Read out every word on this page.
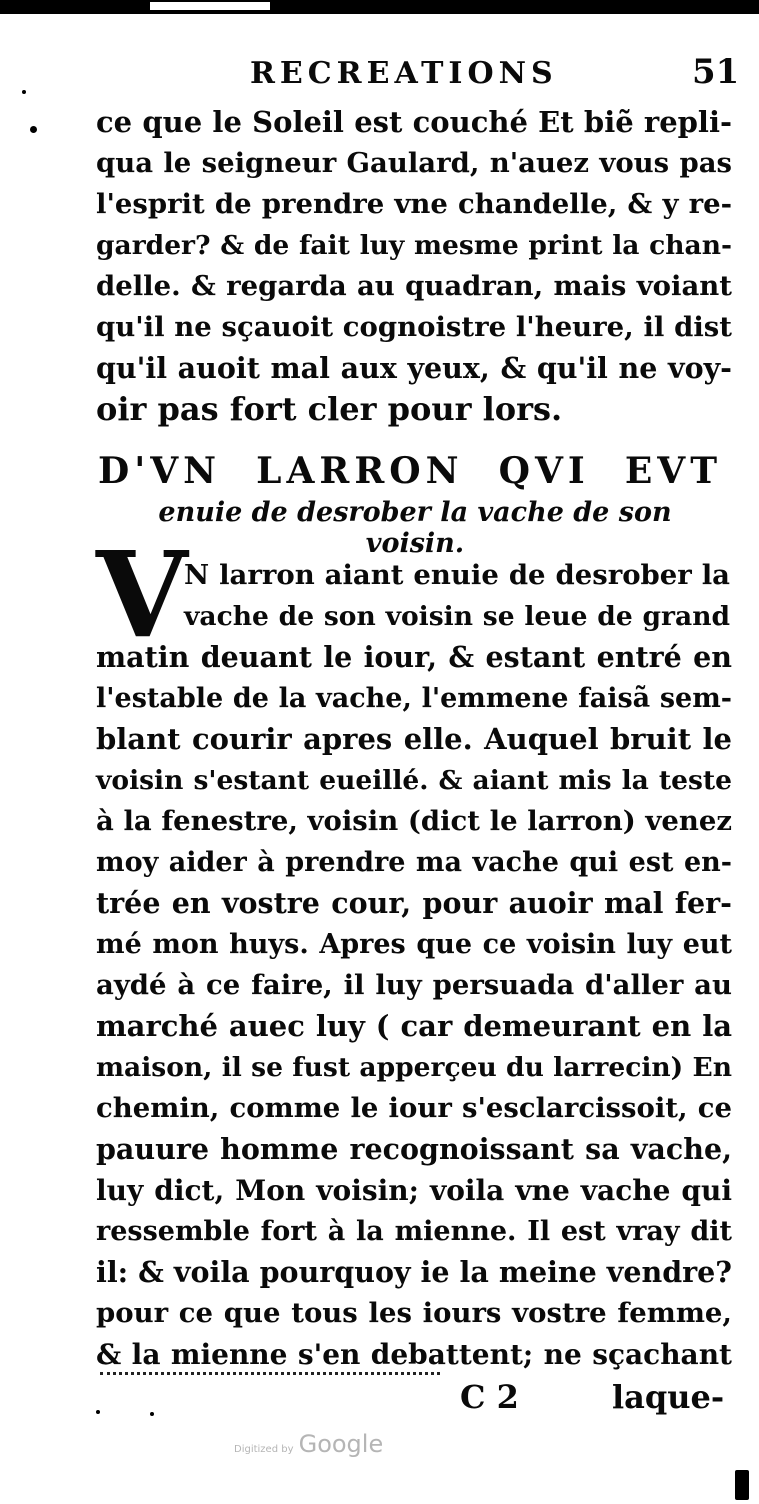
RECREATIONS	51
ce que le Soleil est couché Et biẽ repli-
qua le seigneur Gaulard, n'auez vous pas
l'esprit de prendre vne chandelle, & y re-
garder? & de fait luy mesme print la chan-
delle. & regarda au quadran, mais voiant
qu'il ne sçauoit cognoistre l'heure, il dist
qu'il auoit mal aux yeux, & qu'il ne voy-
oir pas fort cler pour lors.
D'VN LARRON QVI EVT
enuie de desrober la vache de son voisin.
V
N larron aiant enuie de desrober la
vache de son voisin se leue de grand
matin deuant le iour, & estant entré en
l'estable de la vache, l'emmene faisã sem-
blant courir apres elle. Auquel bruit le
voisin s'estant eueillé. & aiant mis la teste
à la fenestre, voisin (dict le larron) venez
moy aider à prendre ma vache qui est en-
trée en vostre cour, pour auoir mal fer-
mé mon huys. Apres que ce voisin luy eut
aydé à ce faire, il luy persuada d'aller au
marché auec luy ( car demeurant en la
maison, il se fust apperçeu du larrecin) En
chemin, comme le iour s'esclarcissoit, ce
pauure homme recognoissant sa vache,
luy dict, Mon voisin; voila vne vache qui
ressemble fort à la mienne. Il est vray dit
il: & voila pourquoy ie la meine vendre?
pour ce que tous les iours vostre femme,
& la mienne s'en debattent; ne sçachant
C 2	laque-
Digitized by Google
